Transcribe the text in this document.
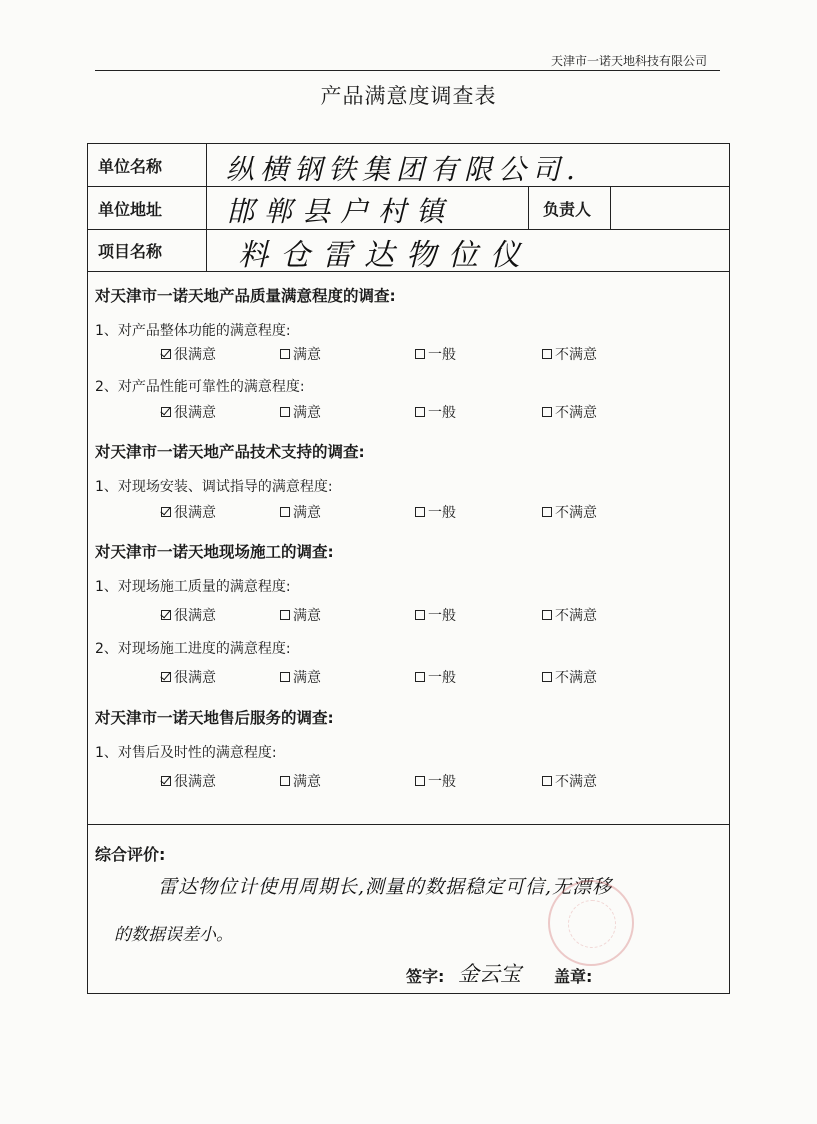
天津市一诺天地科技有限公司
产品满意度调查表
单位名称 纵横钢铁集团有限公司.
单位地址 邯郸县户村镇	负责人
项目名称	料仓雷达物位仪
对天津市一诺天地产品质量满意程度的调查:
1、对产品整体功能的满意程度:
很满意	满意	一般	不满意
2、对产品性能可靠性的满意程度:
很满意	满意	一般	不满意
对天津市一诺天地产品技术支持的调查:
1、对现场安装、调试指导的满意程度:
很满意	满意	一般	不满意
对天津市一诺天地现场施工的调查:
1、对现场施工质量的满意程度:
很满意	满意	一般	不满意
2、对现场施工进度的满意程度:
很满意	满意	一般	不满意
对天津市一诺天地售后服务的调查:
1、对售后及时性的满意程度:
很满意	满意	一般	不满意
综合评价:
雷达物位计使用周期长,测量的数据稳定可信,无漂移
的数据误差小。
签字: 金云宝 盖章:
